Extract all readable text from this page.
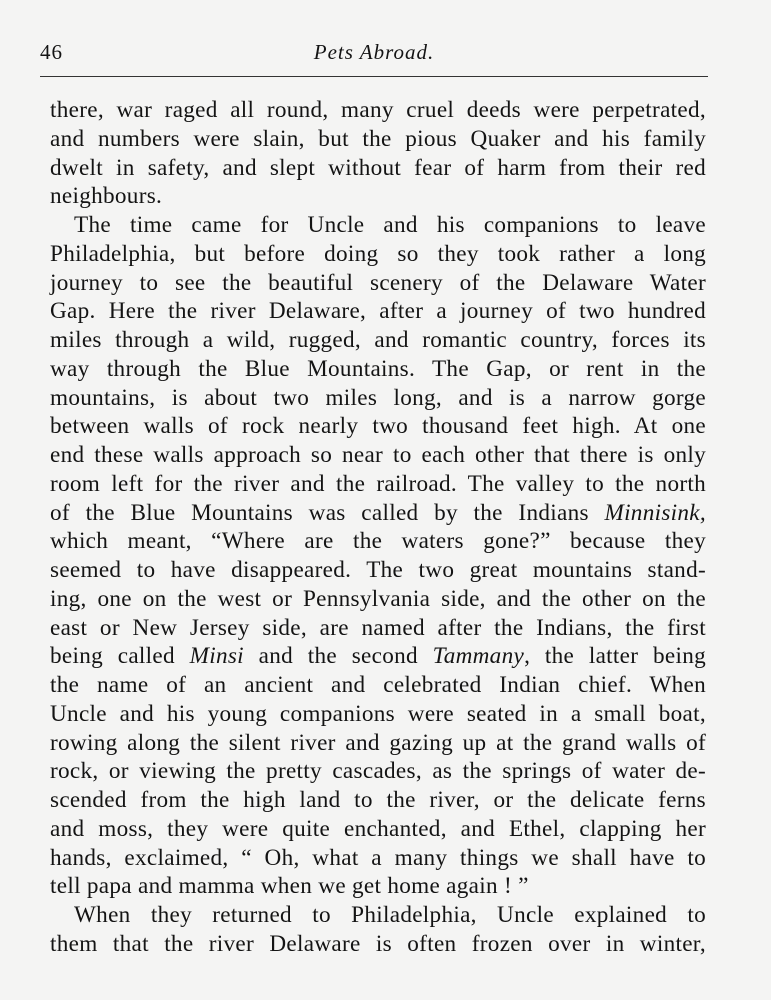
46	Pets Abroad.
there, war raged all round, many cruel deeds were perpetrated,
and numbers were slain, but the pious Quaker and his family
dwelt in safety, and slept without fear of harm from their red
neighbours.
The time came for Uncle and his companions to leave
Philadelphia, but before doing so they took rather a long
journey to see the beautiful scenery of the Delaware Water
Gap. Here the river Delaware, after a journey of two hundred
miles through a wild, rugged, and romantic country, forces its
way through the Blue Mountains. The Gap, or rent in the
mountains, is about two miles long, and is a narrow gorge
between walls of rock nearly two thousand feet high. At one
end these walls approach so near to each other that there is only
room left for the river and the railroad. The valley to the north
of the Blue Mountains was called by the Indians Minnisink,
which meant, “Where are the waters gone?” because they
seemed to have disappeared. The two great mountains stand-
ing, one on the west or Pennsylvania side, and the other on the
east or New Jersey side, are named after the Indians, the first
being called Minsi and the second Tammany, the latter being
the name of an ancient and celebrated Indian chief. When
Uncle and his young companions were seated in a small boat,
rowing along the silent river and gazing up at the grand walls of
rock, or viewing the pretty cascades, as the springs of water de-
scended from the high land to the river, or the delicate ferns
and moss, they were quite enchanted, and Ethel, clapping her
hands, exclaimed, “ Oh, what a many things we shall have to
tell papa and mamma when we get home again ! ”
When they returned to Philadelphia, Uncle explained to
them that the river Delaware is often frozen over in winter,
